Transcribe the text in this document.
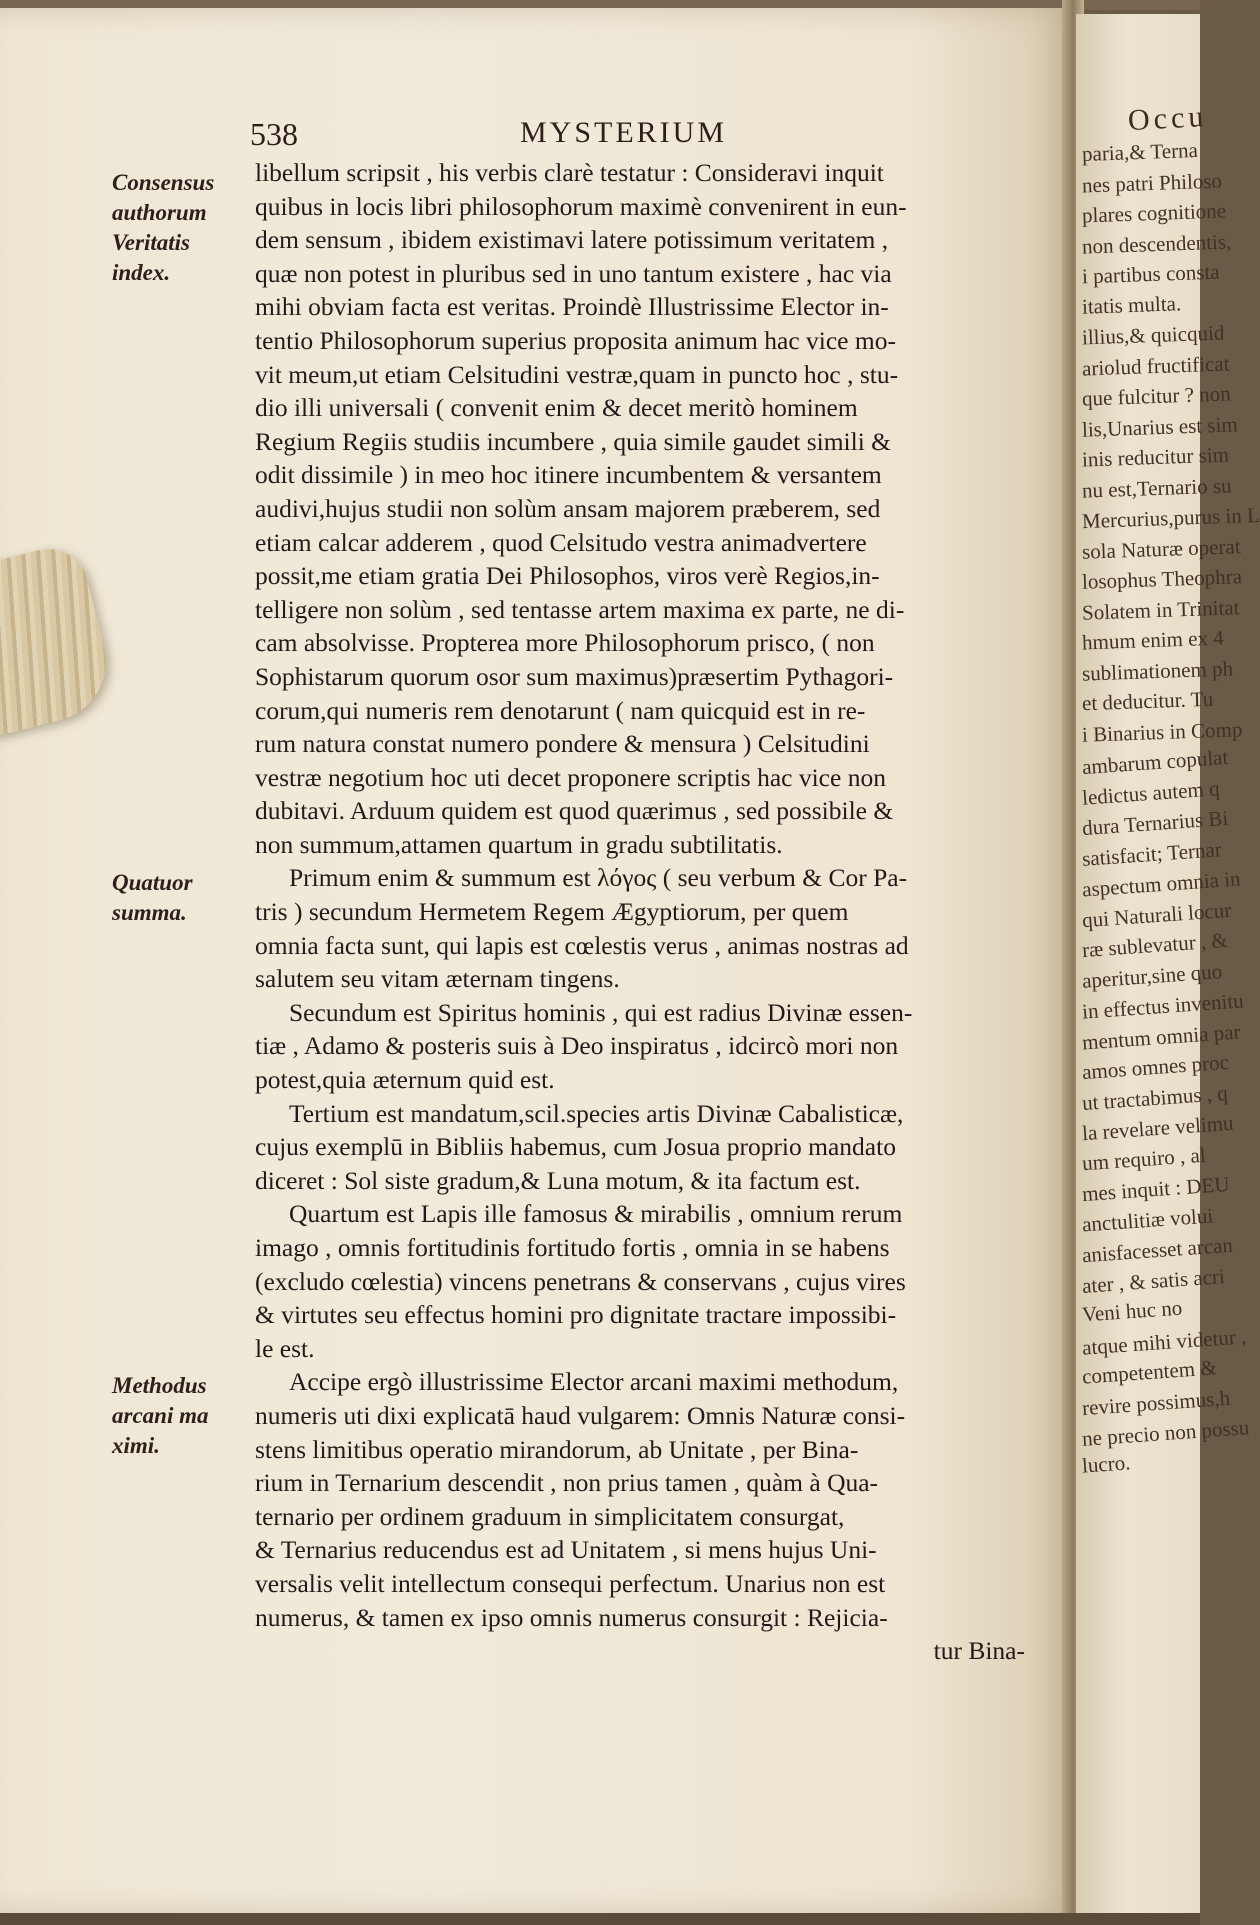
538	MYSTERIUM
Consensus
authorum
Veritatis
index.
Quatuor
summa.
Methodus
arcani ma
ximi.
libellum scripsit , his verbis clarè testatur : Consideravi inquit
quibus in locis libri philosophorum maximè convenirent in eun-
dem sensum , ibidem existimavi latere potissimum veritatem ,
quæ non potest in pluribus sed in uno tantum existere , hac via
mihi obviam facta est veritas. Proindè Illustrissime Elector in-
tentio Philosophorum superius proposita animum hac vice mo-
vit meum,ut etiam Celsitudini vestræ,quam in puncto hoc , stu-
dio illi universali ( convenit enim & decet meritò hominem
Regium Regiis studiis incumbere , quia simile gaudet simili &
odit dissimile ) in meo hoc itinere incumbentem & versantem
audivi,hujus studii non solùm ansam majorem præberem, sed
etiam calcar adderem , quod Celsitudo vestra animadvertere
possit,me etiam gratia Dei Philosophos, viros verè Regios,in-
telligere non solùm , sed tentasse artem maxima ex parte, ne di-
cam absolvisse. Propterea more Philosophorum prisco, ( non
Sophistarum quorum osor sum maximus)præsertim Pythagori-
corum,qui numeris rem denotarunt ( nam quicquid est in re-
rum natura constat numero pondere & mensura ) Celsitudini
vestræ negotium hoc uti decet proponere scriptis hac vice non
dubitavi. Arduum quidem est quod quærimus , sed possibile &
non summum,attamen quartum in gradu subtilitatis.
Primum enim & summum est λόγος ( seu verbum & Cor Pa-
tris ) secundum Hermetem Regem Ægyptiorum, per quem
omnia facta sunt, qui lapis est cœlestis verus , animas nostras ad
salutem seu vitam æternam tingens.
Secundum est Spiritus hominis , qui est radius Divinæ essen-
tiæ , Adamo & posteris suis à Deo inspiratus , idcircò mori non
potest,quia æternum quid est.
Tertium est mandatum,scil.species artis Divinæ Cabalisticæ,
cujus exemplū in Bibliis habemus, cum Josua proprio mandato
diceret : Sol siste gradum,& Luna motum, & ita factum est.
Quartum est Lapis ille famosus & mirabilis , omnium rerum
imago , omnis fortitudinis fortitudo fortis , omnia in se habens
(excludo cœlestia) vincens penetrans & conservans , cujus vires
& virtutes seu effectus homini pro dignitate tractare impossibi-
le est.
Accipe ergò illustrissime Elector arcani maximi methodum,
numeris uti dixi explicatā haud vulgarem: Omnis Naturæ consi-
stens limitibus operatio mirandorum, ab Unitate , per Bina-
rium in Ternarium descendit , non prius tamen , quàm à Qua-
ternario per ordinem graduum in simplicitatem consurgat,
& Ternarius reducendus est ad Unitatem , si mens hujus Uni-
versalis velit intellectum consequi perfectum. Unarius non est
numerus, & tamen ex ipso omnis numerus consurgit : Rejicia-
tur Bina-
Occu
paria,& Terna
nes patri Philoso
plares cognitione
non descendentis,
i partibus consta
itatis multa.
illius,& quicquid
ariolud fructificat
que fulcitur ? non
lis,Unarius est sim
inis reducitur sim
nu est,Ternario su
Mercurius,purus in L
sola Naturæ operat
losophus Theophra
Solatem in Trinitat
hmum enim ex 4
sublimationem ph
et deducitur. Tu
i Binarius in Comp
ambarum copulat
ledictus autem q
dura Ternarius Bi
satisfacit; Ternar
aspectum omnia in
qui Naturali locur
ræ sublevatur , &
aperitur,sine quo
in effectus invenitu
mentum omnia par
amos omnes proc
ut tractabimus , q
la revelare velimu
um requiro , al
mes inquit : DEU
anctulitiæ volui
anisfacesset arcan
ater , & satis acri
Veni huc no
atque mihi videtur ,
competentem &
revire possimus,h
ne precio non possu
lucro.
